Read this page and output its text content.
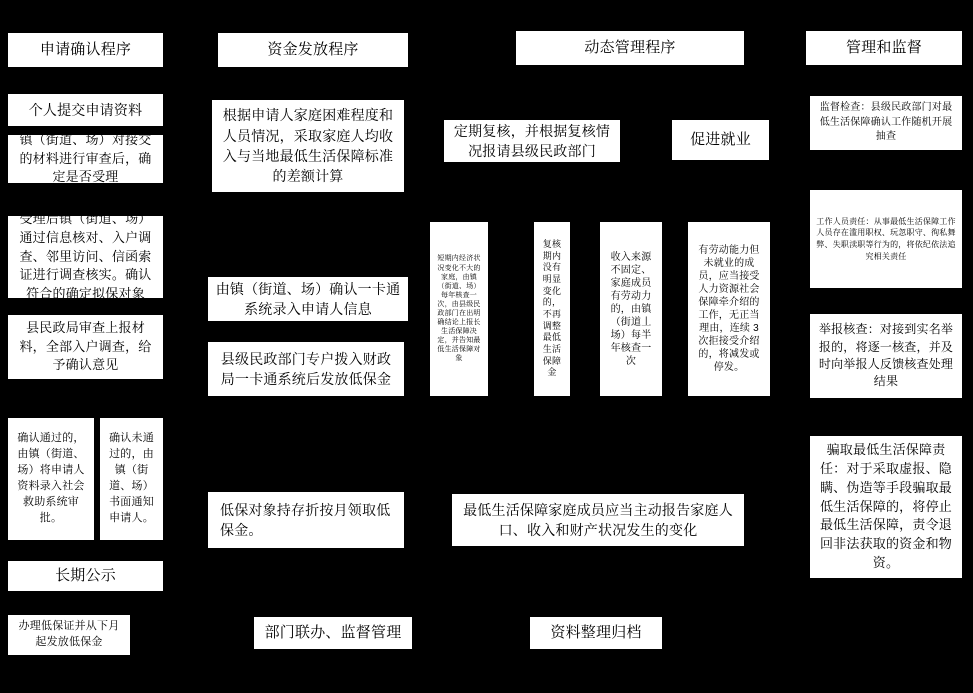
申请确认程序	资金发放程序	动态管理程序	管理和监督
个人提交申请资料
镇（街道、场）对接交的材料进行审查后，确定是否受理
受理后镇（街道、场）通过信息核对、入户调查、邻里访问、信函索证进行调查核实。确认符合的确定拟保对象
县民政局审查上报材料，全部入户调查，给予确认意见
确认通过的，由镇（街道、场）将申请人资料录入社会救助系统审批。
确认未通过的，由镇（街道、场）书面通知申请人。
长期公示
办理低保证并从下月起发放低保金
根据申请人家庭困难程度和人员情况，采取家庭人均收入与当地最低生活保障标准的差额计算
由镇（街道、场）确认一卡通系统录入申请人信息
县级民政部门专户拨入财政局一卡通系统后发放低保金
低保对象持存折按月领取低保金。
部门联办、监督管理
定期复核，并根据复核情况报请县级民政部门
促进就业
短期内经济状况变化不大的家庭，由镇（街道、场）每年核查一次，由县级民政部门在出明确结论上报长生活保障决定，并告知最低生活保障对象
复核期内没有明显变化的，不再调整最低生活保障金
收入来源不固定、家庭成员有劳动力的，由镇（街道丄场）每半年核查一次
有劳动能力但未就业的成员，应当接受人力资源社会保障牵介绍的工作，无正当理由，连续 3 次拒接受介绍的，将减发或停发。
最低生活保障家庭成员应当主动报告家庭人口、收入和财产状况发生的变化
资料整理归档
监督检查：县级民政部门对最低生活保障确认工作随机开展抽查
工作人员责任：从事最低生活保障工作人员存在滥用职权、玩忽职守、徇私舞弊、失职渎职等行为的，将依纪依法追究相关责任
举报核查：对接到实名举报的，将逐一核查，并及时向举报人反馈核查处理结果
骗取最低生活保障责任：对于采取虚报、隐瞒、伪造等手段骗取最低生活保障的，将停止最低生活保障，责令退回非法获取的资金和物资。
